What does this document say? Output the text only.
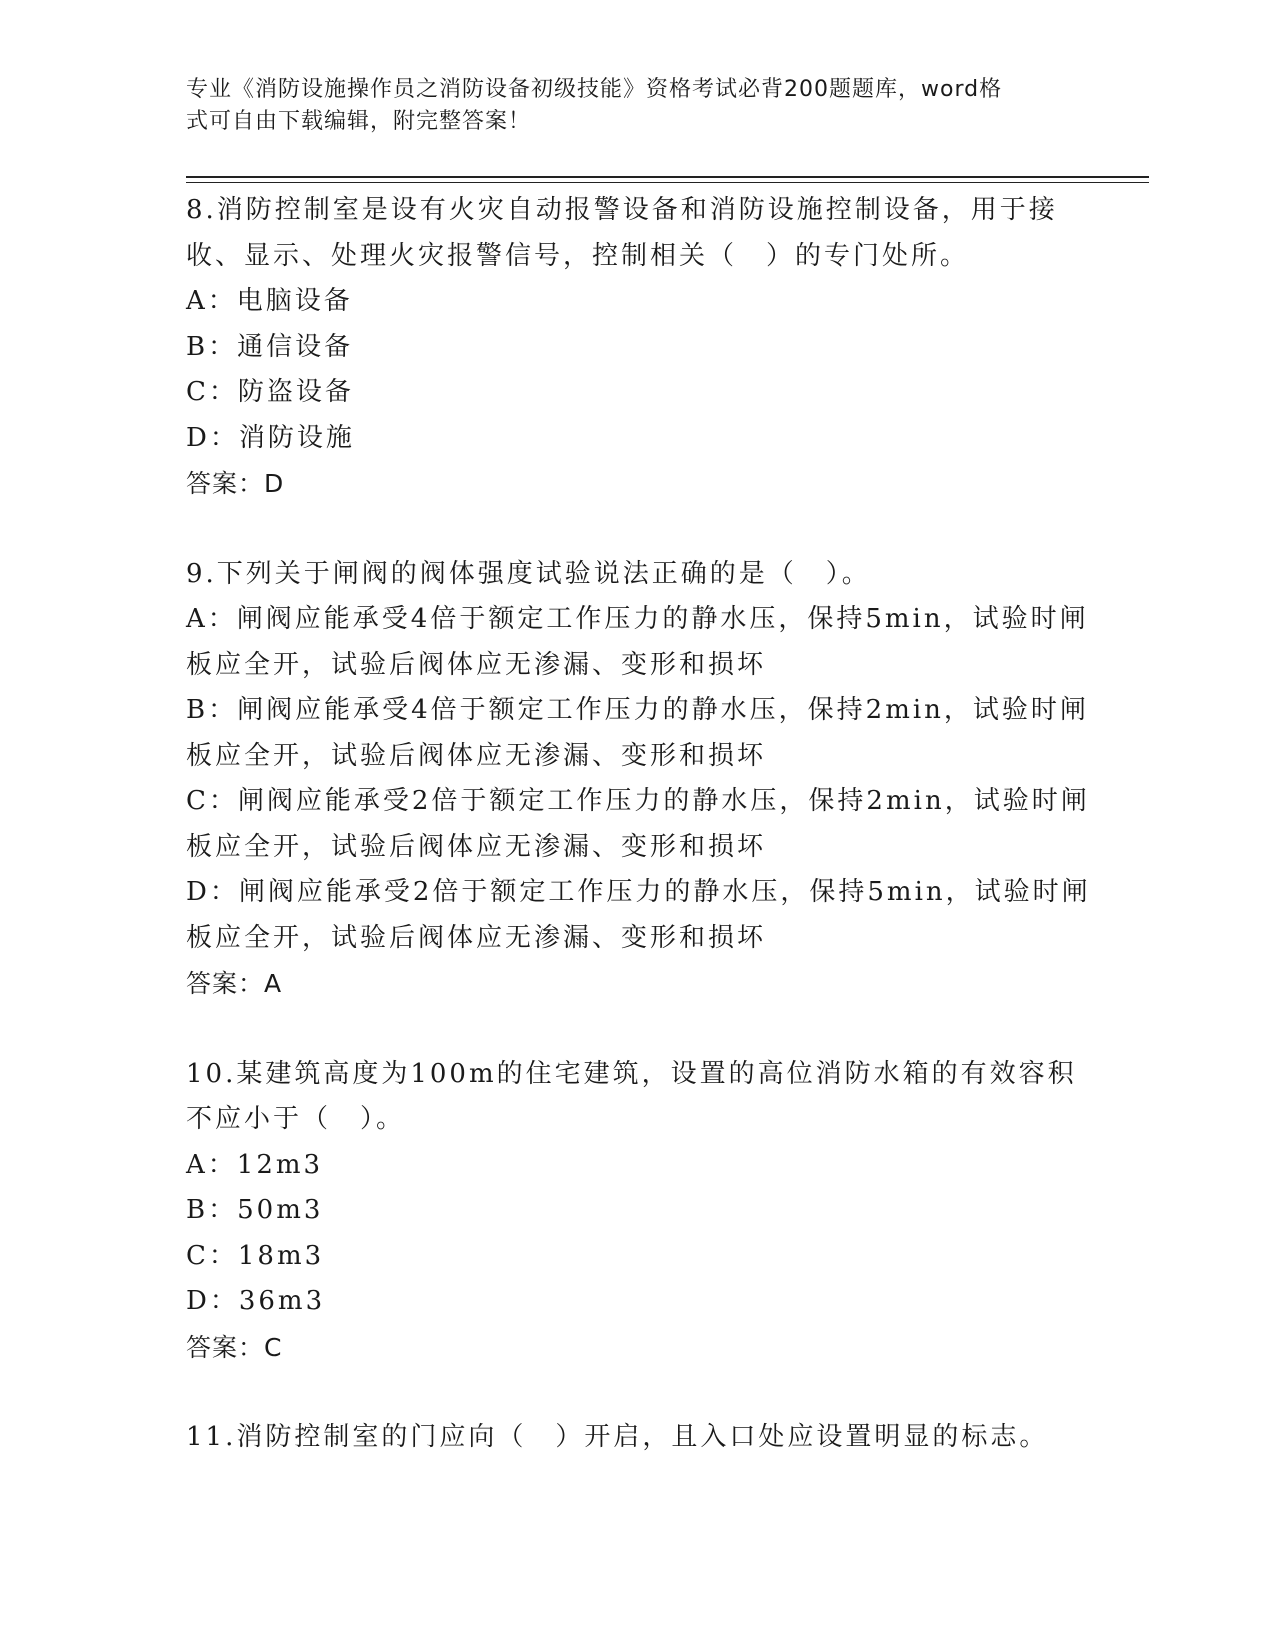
专业《消防设施操作员之消防设备初级技能》资格考试必背200题题库，word格
式可自由下载编辑，附完整答案！
8.消防控制室是设有火灾自动报警设备和消防设施控制设备，用于接
收、显示、处理火灾报警信号，控制相关（　）的专门处所。
A：电脑设备
B：通信设备
C：防盗设备
D：消防设施
答案：D
9.下列关于闸阀的阀体强度试验说法正确的是（　）。
A：闸阀应能承受4倍于额定工作压力的静水压，保持5min，试验时闸
板应全开，试验后阀体应无渗漏、变形和损坏
B：闸阀应能承受4倍于额定工作压力的静水压，保持2min，试验时闸
板应全开，试验后阀体应无渗漏、变形和损坏
C：闸阀应能承受2倍于额定工作压力的静水压，保持2min，试验时闸
板应全开，试验后阀体应无渗漏、变形和损坏
D：闸阀应能承受2倍于额定工作压力的静水压，保持5min，试验时闸
板应全开，试验后阀体应无渗漏、变形和损坏
答案：A
10.某建筑高度为100m的住宅建筑，设置的高位消防水箱的有效容积
不应小于（　）。
A：12m3
B：50m3
C：18m3
D：36m3
答案：C
11.消防控制室的门应向（　）开启，且入口处应设置明显的标志。
